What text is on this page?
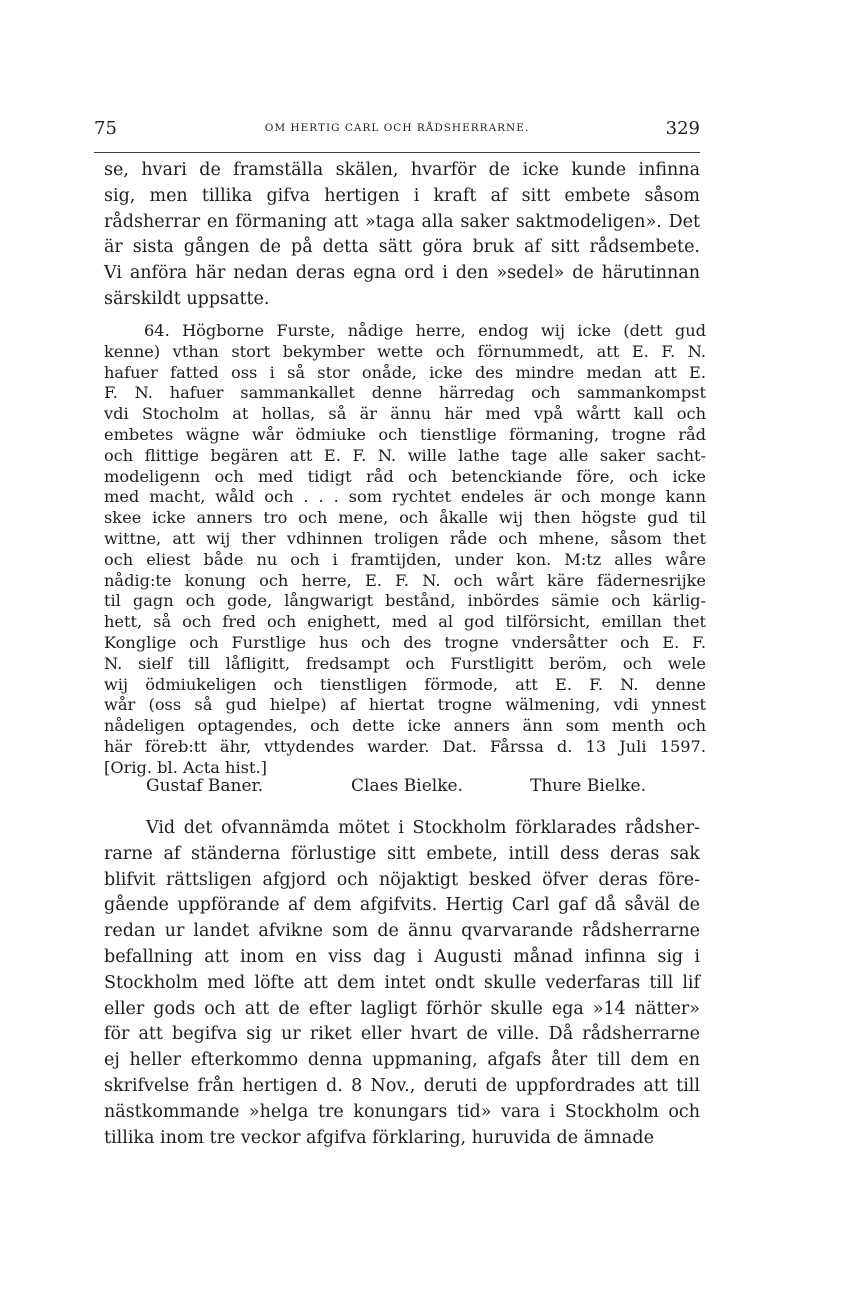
75	OM HERTIG CARL OCH RÅDSHERRARNE.	329
se, hvari de framställa skälen, hvarför de icke kunde infinna
sig, men tillika gifva hertigen i kraft af sitt embete såsom
rådsherrar en förmaning att »taga alla saker saktmodeligen». Det
är sista gången de på detta sätt göra bruk af sitt rådsembete.
Vi anföra här nedan deras egna ord i den »sedel» de härutinnan
särskildt uppsatte.
64. Högborne Furste, nådige herre, endog wij icke (dett gud
kenne) vthan stort bekymber wette och förnummedt, att E. F. N.
hafuer fatted oss i så stor onåde, icke des mindre medan att E.
F. N. hafuer sammankallet denne härredag och sammankompst
vdi Stocholm at hollas, så är ännu här med vpå wårtt kall och
embetes wägne wår ödmiuke och tienstlige förmaning, trogne råd
och flittige begären att E. F. N. wille lathe tage alle saker sacht-
modeligenn och med tidigt råd och betenckiande före, och icke
med macht, wåld och . . . som rychtet endeles är och monge kann
skee icke anners tro och mene, och åkalle wij then högste gud til
wittne, att wij ther vdhinnen troligen råde och mhene, såsom thet
och eliest både nu och i framtijden, under kon. M:tz alles wåre
nådig:te konung och herre, E. F. N. och wårt käre fädernesrijke
til gagn och gode, långwarigt bestånd, inbördes sämie och kärlig-
hett, så och fred och enighett, med al god tilförsicht, emillan thet
Konglige och Furstlige hus och des trogne vndersåtter och E. F.
N. sielf till låfligitt, fredsampt och Furstligitt beröm, och wele
wij ödmiukeligen och tienstligen förmode, att E. F. N. denne
wår (oss så gud hielpe) af hiertat trogne wälmening, vdi ynnest
nådeligen optagendes, och dette icke anners änn som menth och
här föreb:tt ähr, vttydendes warder. Dat. Fårssa d. 13 Juli 1597.
[Orig. bl. Acta hist.]
Gustaf Baner.	Claes Bielke.	Thure Bielke.
Vid det ofvannämda mötet i Stockholm förklarades rådsher-
rarne af ständerna förlustige sitt embete, intill dess deras sak
blifvit rättsligen afgjord och nöjaktigt besked öfver deras före-
gående uppförande af dem afgifvits. Hertig Carl gaf då såväl de
redan ur landet afvikne som de ännu qvarvarande rådsherrarne
befallning att inom en viss dag i Augusti månad infinna sig i
Stockholm med löfte att dem intet ondt skulle vederfaras till lif
eller gods och att de efter lagligt förhör skulle ega »14 nätter»
för att begifva sig ur riket eller hvart de ville. Då rådsherrarne
ej heller efterkommo denna uppmaning, afgafs åter till dem en
skrifvelse från hertigen d. 8 Nov., deruti de uppfordrades att till
nästkommande »helga tre konungars tid» vara i Stockholm och
tillika inom tre veckor afgifva förklaring, huruvida de ämnade
